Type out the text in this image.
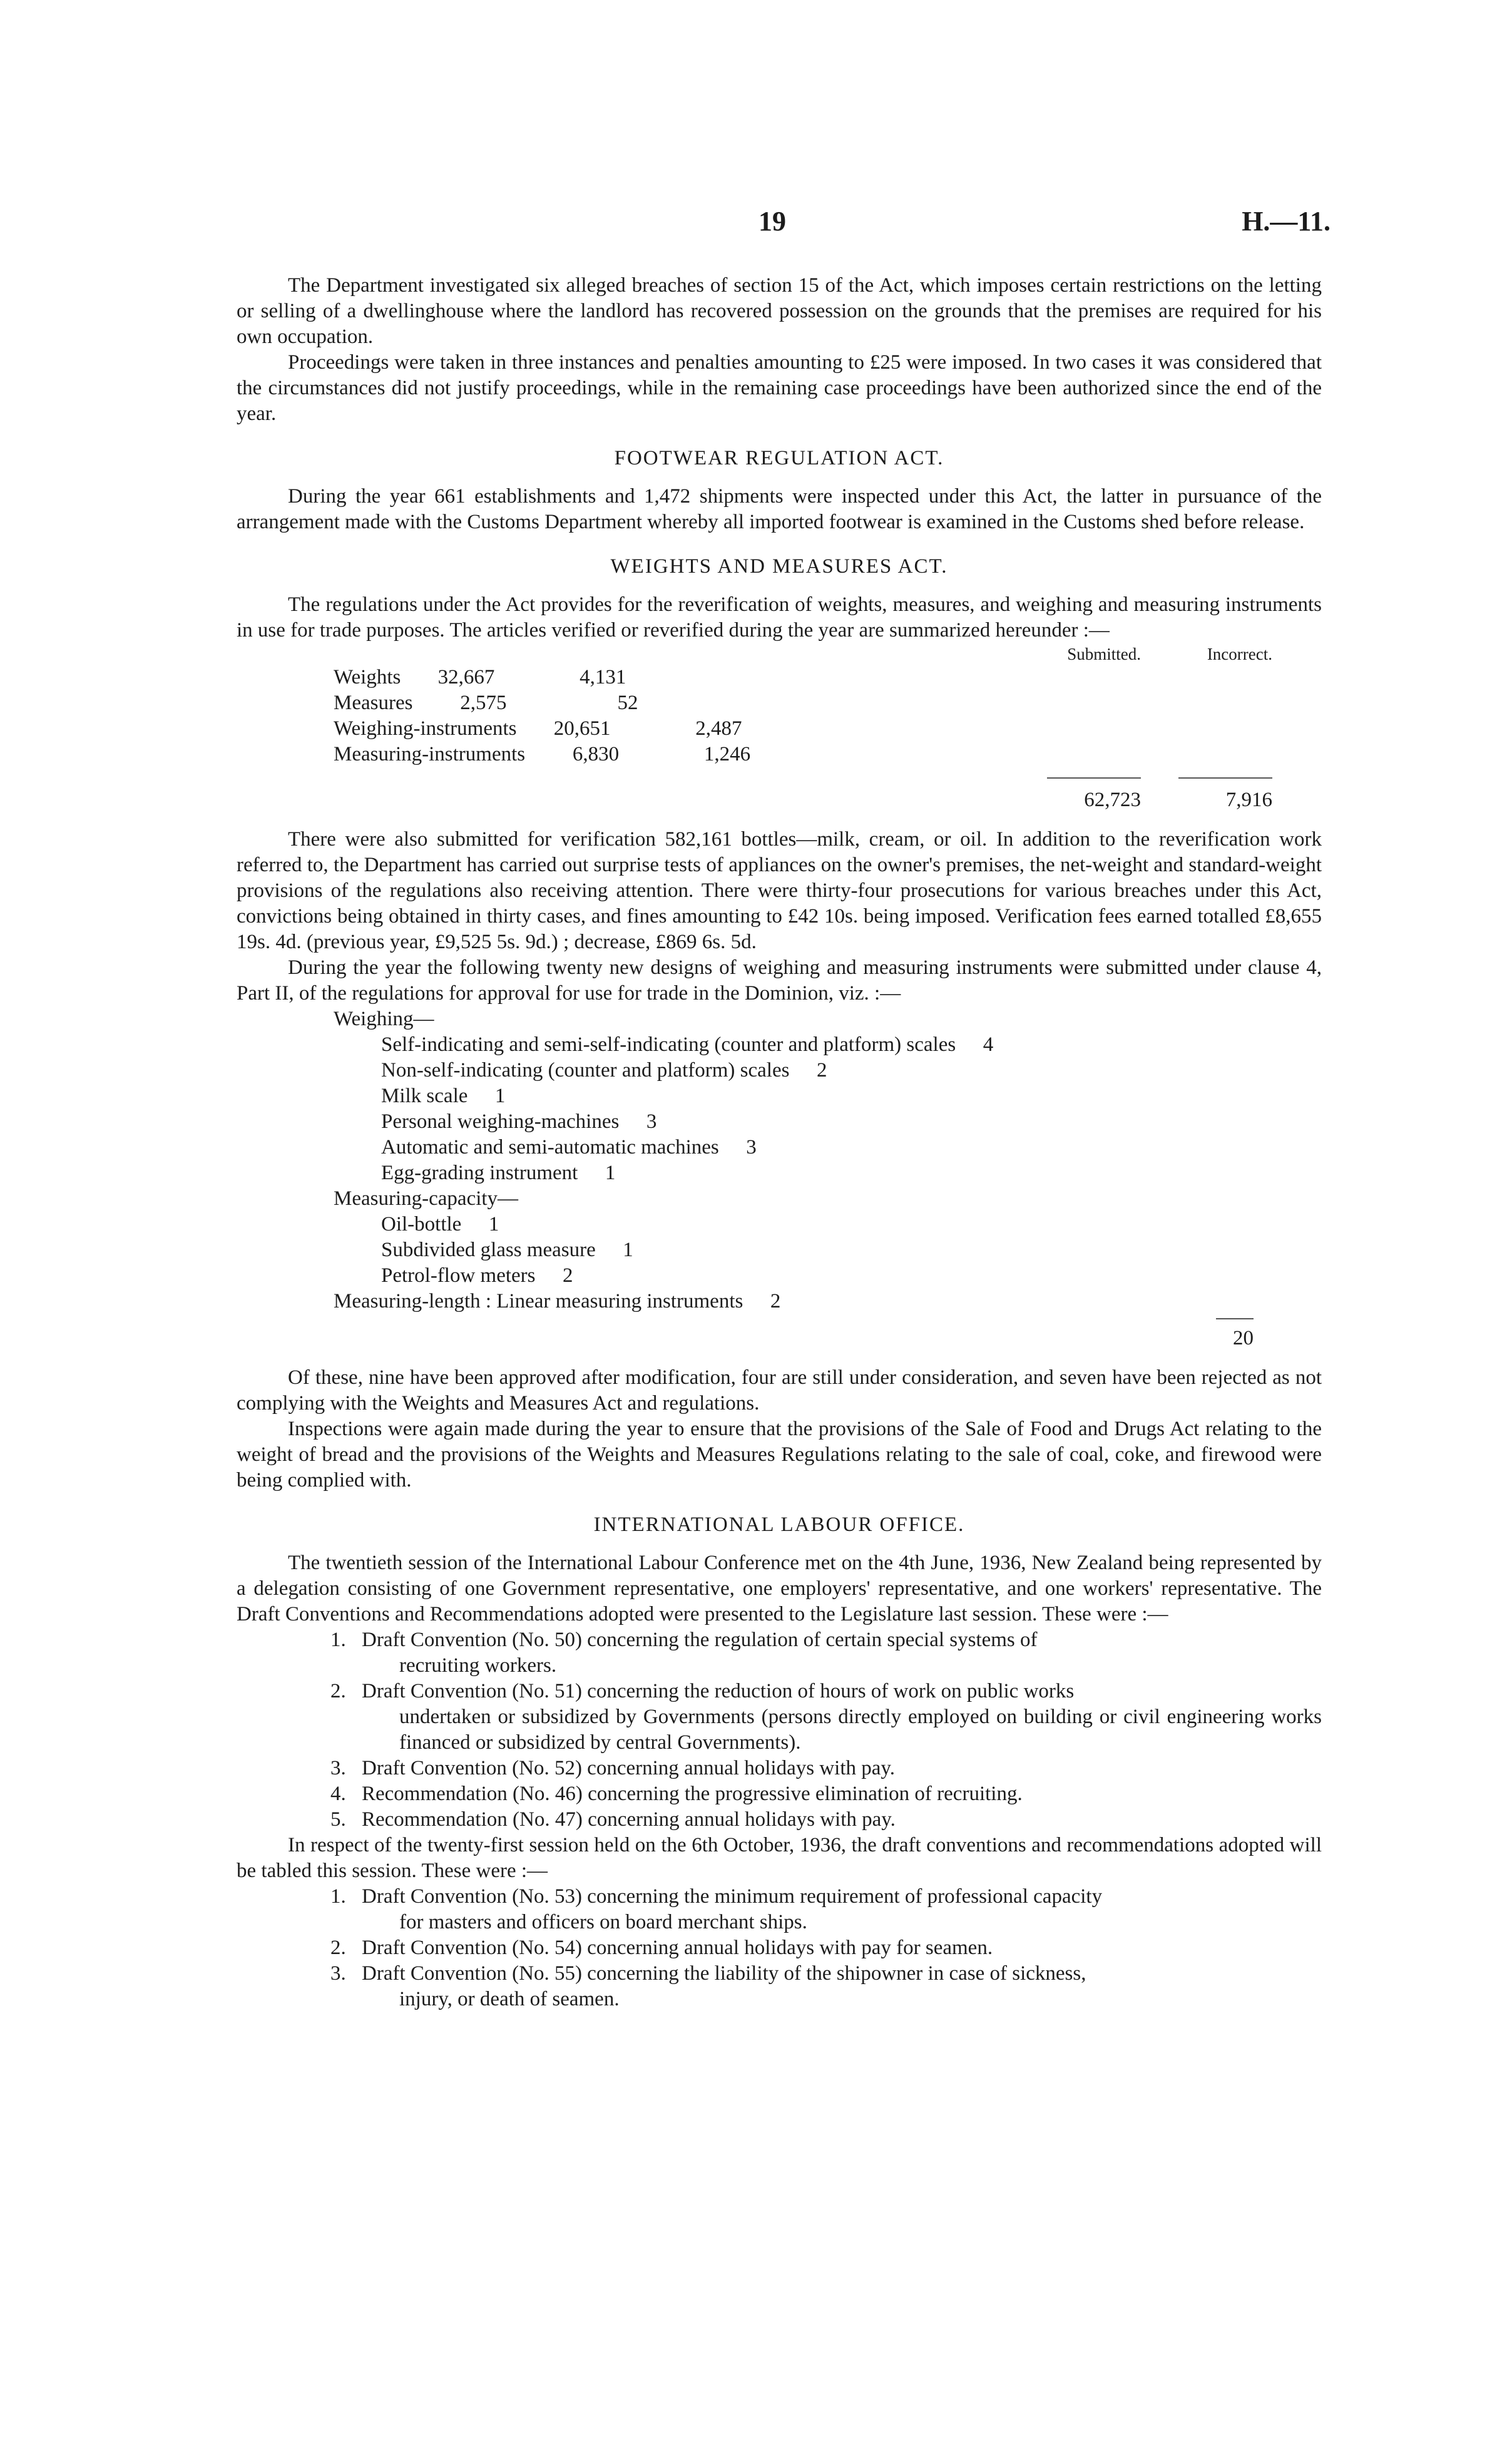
19	H.—11.

The Department investigated six alleged breaches of section 15 of the Act, which imposes certain restrictions on the letting or selling of a dwellinghouse where the landlord has recovered possession on the grounds that the premises are required for his own occupation.

Proceedings were taken in three instances and penalties amounting to £25 were imposed. In two cases it was considered that the circumstances did not justify proceedings, while in the remaining case proceedings have been authorized since the end of the year.

FOOTWEAR REGULATION ACT.

During the year 661 establishments and 1,472 shipments were inspected under this Act, the latter in pursuance of the arrangement made with the Customs Department whereby all imported footwear is examined in the Customs shed before release.

WEIGHTS AND MEASURES ACT.

The regulations under the Act provides for the reverification of weights, measures, and weighing and measuring instruments in use for trade purposes. The articles verified or reverified during the year are summarized hereunder :—

Submitted.	Incorrect.
Weights	32,667	4,131
Measures	2,575	52
Weighing-instruments	20,651	2,487
Measuring-instruments	6,830	1,246
62,723	7,916

There were also submitted for verification 582,161 bottles—milk, cream, or oil. In addition to the reverification work referred to, the Department has carried out surprise tests of appliances on the owner's premises, the net-weight and standard-weight provisions of the regulations also receiving attention. There were thirty-four prosecutions for various breaches under this Act, convictions being obtained in thirty cases, and fines amounting to £42 10s. being imposed. Verification fees earned totalled £8,655 19s. 4d. (previous year, £9,525 5s. 9d.) ; decrease, £869 6s. 5d.

During the year the following twenty new designs of weighing and measuring instruments were submitted under clause 4, Part II, of the regulations for approval for use for trade in the Dominion, viz. :—

Weighing—
Self-indicating and semi-self-indicating (counter and platform) scales	4
Non-self-indicating (counter and platform) scales	2
Milk scale	1
Personal weighing-machines	3
Automatic and semi-automatic machines	3
Egg-grading instrument	1
Measuring-capacity—
Oil-bottle	1
Subdivided glass measure	1
Petrol-flow meters	2
Measuring-length : Linear measuring instruments	2
20

Of these, nine have been approved after modification, four are still under consideration, and seven have been rejected as not complying with the Weights and Measures Act and regulations.

Inspections were again made during the year to ensure that the provisions of the Sale of Food and Drugs Act relating to the weight of bread and the provisions of the Weights and Measures Regulations relating to the sale of coal, coke, and firewood were being complied with.

INTERNATIONAL LABOUR OFFICE.

The twentieth session of the International Labour Conference met on the 4th June, 1936, New Zealand being represented by a delegation consisting of one Government representative, one employers' representative, and one workers' representative. The Draft Conventions and Recommendations adopted were presented to the Legislature last session. These were :—

1. Draft Convention (No. 50) concerning the regulation of certain special systems of
recruiting workers.
2. Draft Convention (No. 51) concerning the reduction of hours of work on public works
undertaken or subsidized by Governments (persons directly employed on building or civil engineering works financed or subsidized by central Governments).
3. Draft Convention (No. 52) concerning annual holidays with pay.
4. Recommendation (No. 46) concerning the progressive elimination of recruiting.
5. Recommendation (No. 47) concerning annual holidays with pay.

In respect of the twenty-first session held on the 6th October, 1936, the draft conventions and recommendations adopted will be tabled this session. These were :—

1. Draft Convention (No. 53) concerning the minimum requirement of professional capacity
for masters and officers on board merchant ships.
2. Draft Convention (No. 54) concerning annual holidays with pay for seamen.
3. Draft Convention (No. 55) concerning the liability of the shipowner in case of sickness,
injury, or death of seamen.
